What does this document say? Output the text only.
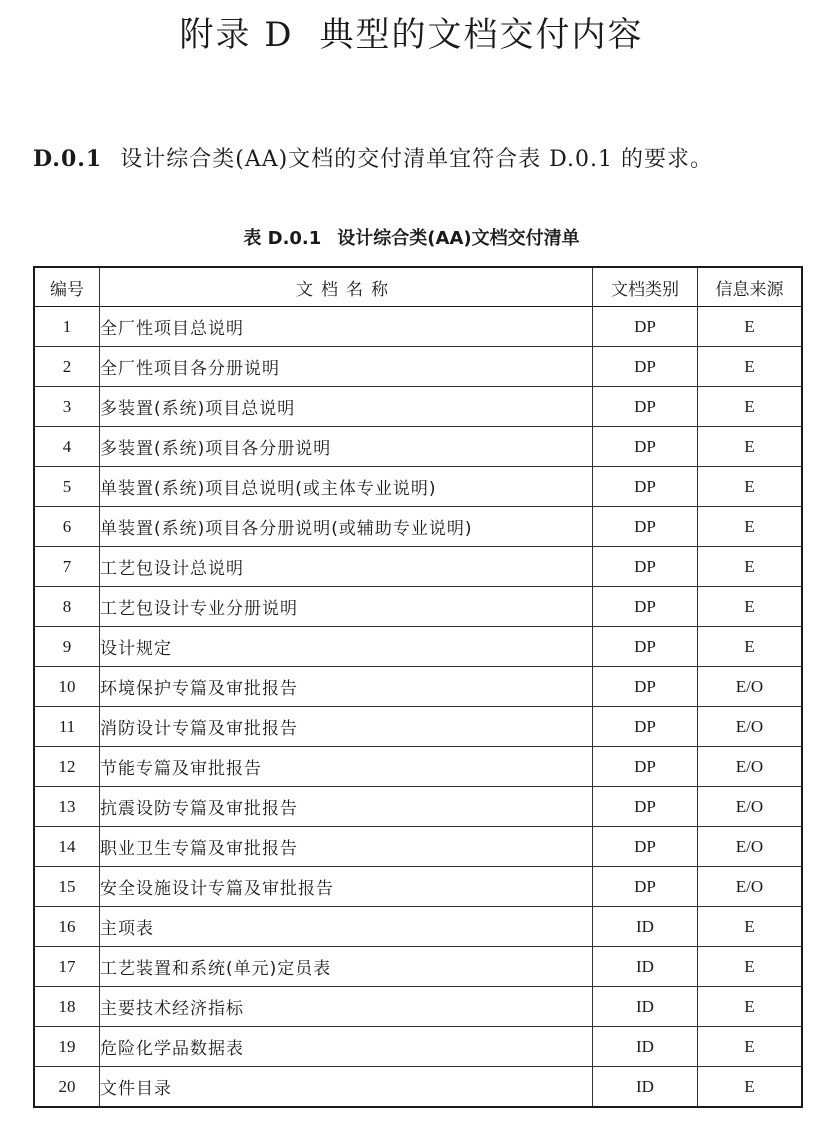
附录 D 典型的文档交付内容
D.0.1 设计综合类(AA)文档的交付清单宜符合表 D.0.1 的要求。
表 D.0.1 设计综合类(AA)文档交付清单
编号	文档名称	文档类别	信息来源
1	全厂性项目总说明	DP	E
2	全厂性项目各分册说明	DP	E
3	多装置(系统)项目总说明	DP	E
4	多装置(系统)项目各分册说明	DP	E
5	单装置(系统)项目总说明(或主体专业说明)	DP	E
6	单装置(系统)项目各分册说明(或辅助专业说明)	DP	E
7	工艺包设计总说明	DP	E
8	工艺包设计专业分册说明	DP	E
9	设计规定	DP	E
10	环境保护专篇及审批报告	DP	E/O
11	消防设计专篇及审批报告	DP	E/O
12	节能专篇及审批报告	DP	E/O
13	抗震设防专篇及审批报告	DP	E/O
14	职业卫生专篇及审批报告	DP	E/O
15	安全设施设计专篇及审批报告	DP	E/O
16	主项表	ID	E
17	工艺装置和系统(单元)定员表	ID	E
18	主要技术经济指标	ID	E
19	危险化学品数据表	ID	E
20	文件目录	ID	E
